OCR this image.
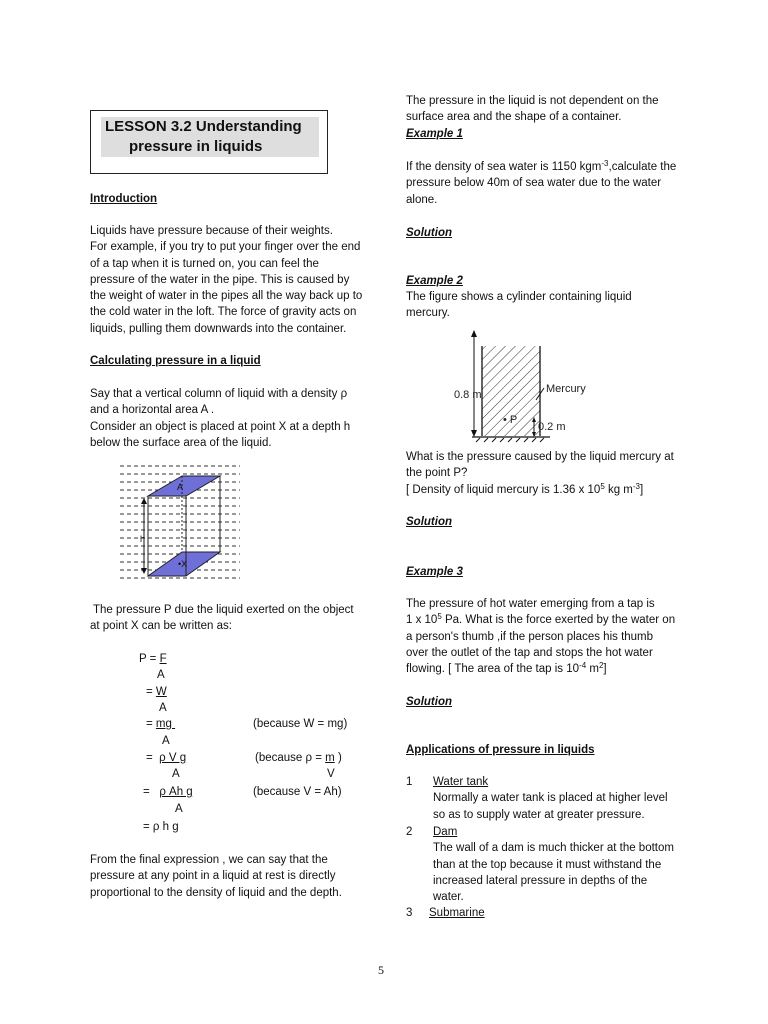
LESSON 3.2 Understanding
pressure in liquids

Introduction

Liquids have pressure because of their weights.

For example, if you try to put your finger over the end

of a tap when it is turned on, you can feel the

pressure of the water in the pipe. This is caused by

the weight of water in the pipes all the way back up to

the cold water in the loft. The force of gravity acts on

liquids, pulling them downwards into the container.

Calculating pressure in a liquid

Say that a vertical column of liquid with a density ρ

and a horizontal area A .

Consider an object is placed at point X at a depth h

below the surface area of the liquid.

A
h
•X

The pressure P due the liquid exerted on the object

at point X can be written as:

P = F
A
= W
A
= mg
A
(because W = mg)
=  ρ V g
A
(because ρ = m )
V
=   ρ Ah g
A
(because V = Ah)
= ρ h g

From the final expression , we can say that the

pressure at any point in a liquid at rest is directly

proportional to the density of liquid and the depth.

The pressure in the liquid is not dependent on the

surface area and the shape of a container.

Example 1

If the density of sea water is 1150 kgm$^{-3}$,calculate the

pressure below 40m of sea water due to the water

alone.

Solution

Example 2

The figure shows a cylinder containing liquid

mercury.

0.8 m	Mercury
• P
0.2 m

What is the pressure caused by the liquid mercury at

the point P?

[ Density of liquid mercury is 1.36 x $10^5$ kg $m^{-3}$]

Solution

Example 3

The pressure of hot water emerging from a tap is

1 x $10^5$ Pa. What is the force exerted by the water on

a person's thumb ,if the person places his thumb

over the outlet of the tap and stops the hot water

flowing. [ The area of the tap is $10^{-4}$ $m^2$]

Solution

Applications of pressure in liquids

1 Water tank

Normally a water tank is placed at higher level

so as to supply water at greater pressure.

2 Dam

The wall of a dam is much thicker at the bottom

than at the top because it must withstand the

increased lateral pressure in depths of the

water.

3 Submarine

5
